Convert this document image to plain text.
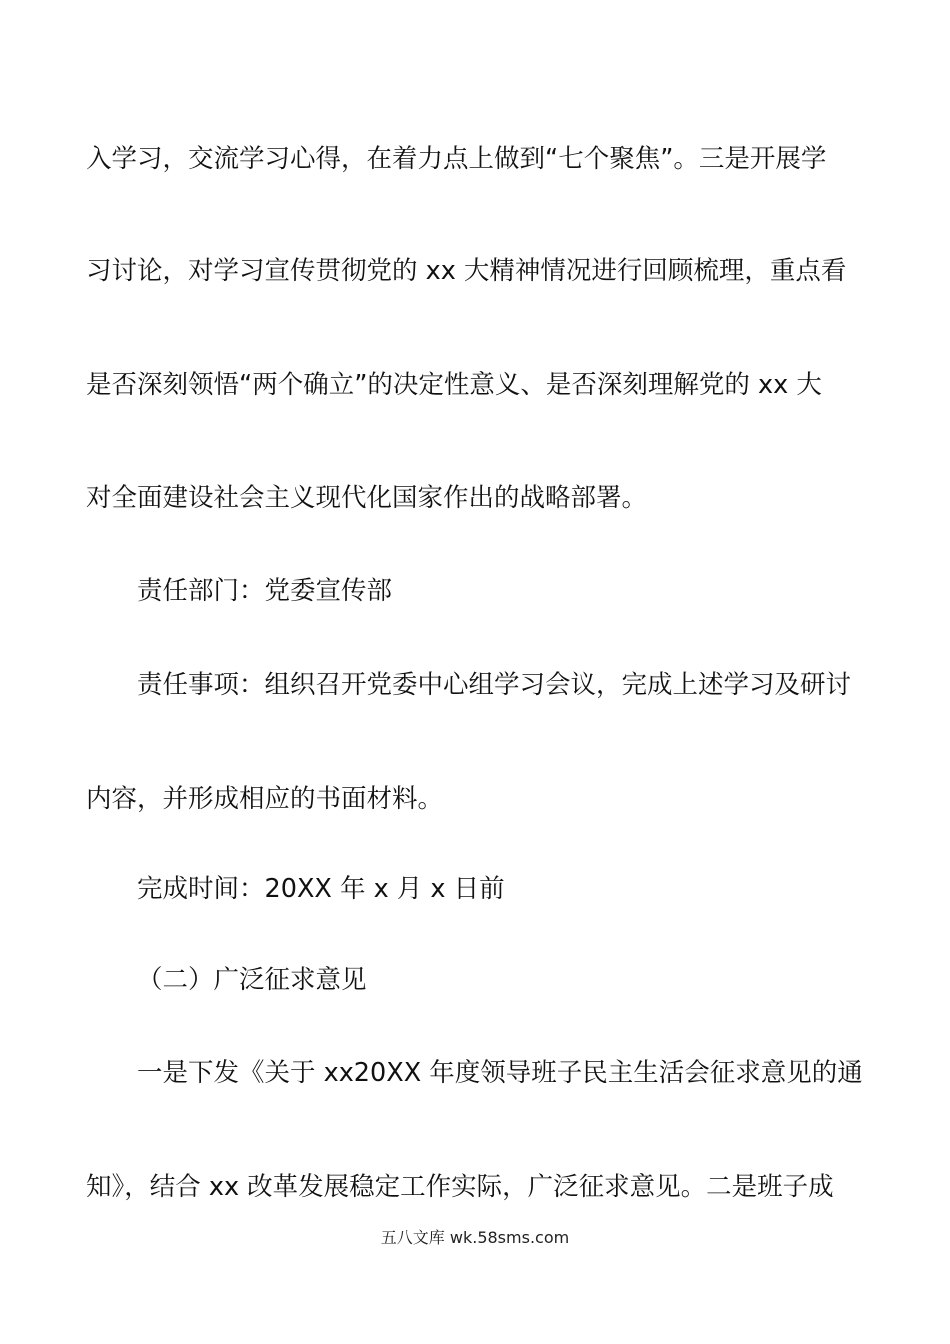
入学习，交流学习心得，在着力点上做到“七个聚焦”。三是开展学
习讨论，对学习宣传贯彻党的 xx 大精神情况进行回顾梳理，重点看
是否深刻领悟“两个确立”的决定性意义、是否深刻理解党的 xx 大
对全面建设社会主义现代化国家作出的战略部署。
责任部门：党委宣传部
责任事项：组织召开党委中心组学习会议，完成上述学习及研讨
内容，并形成相应的书面材料。
完成时间：20XX 年 x 月 x 日前
（二）广泛征求意见
一是下发《关于 xx20XX 年度领导班子民主生活会征求意见的通
知》，结合 xx 改革发展稳定工作实际，广泛征求意见。二是班子成
五八文库 wk.58sms.com
